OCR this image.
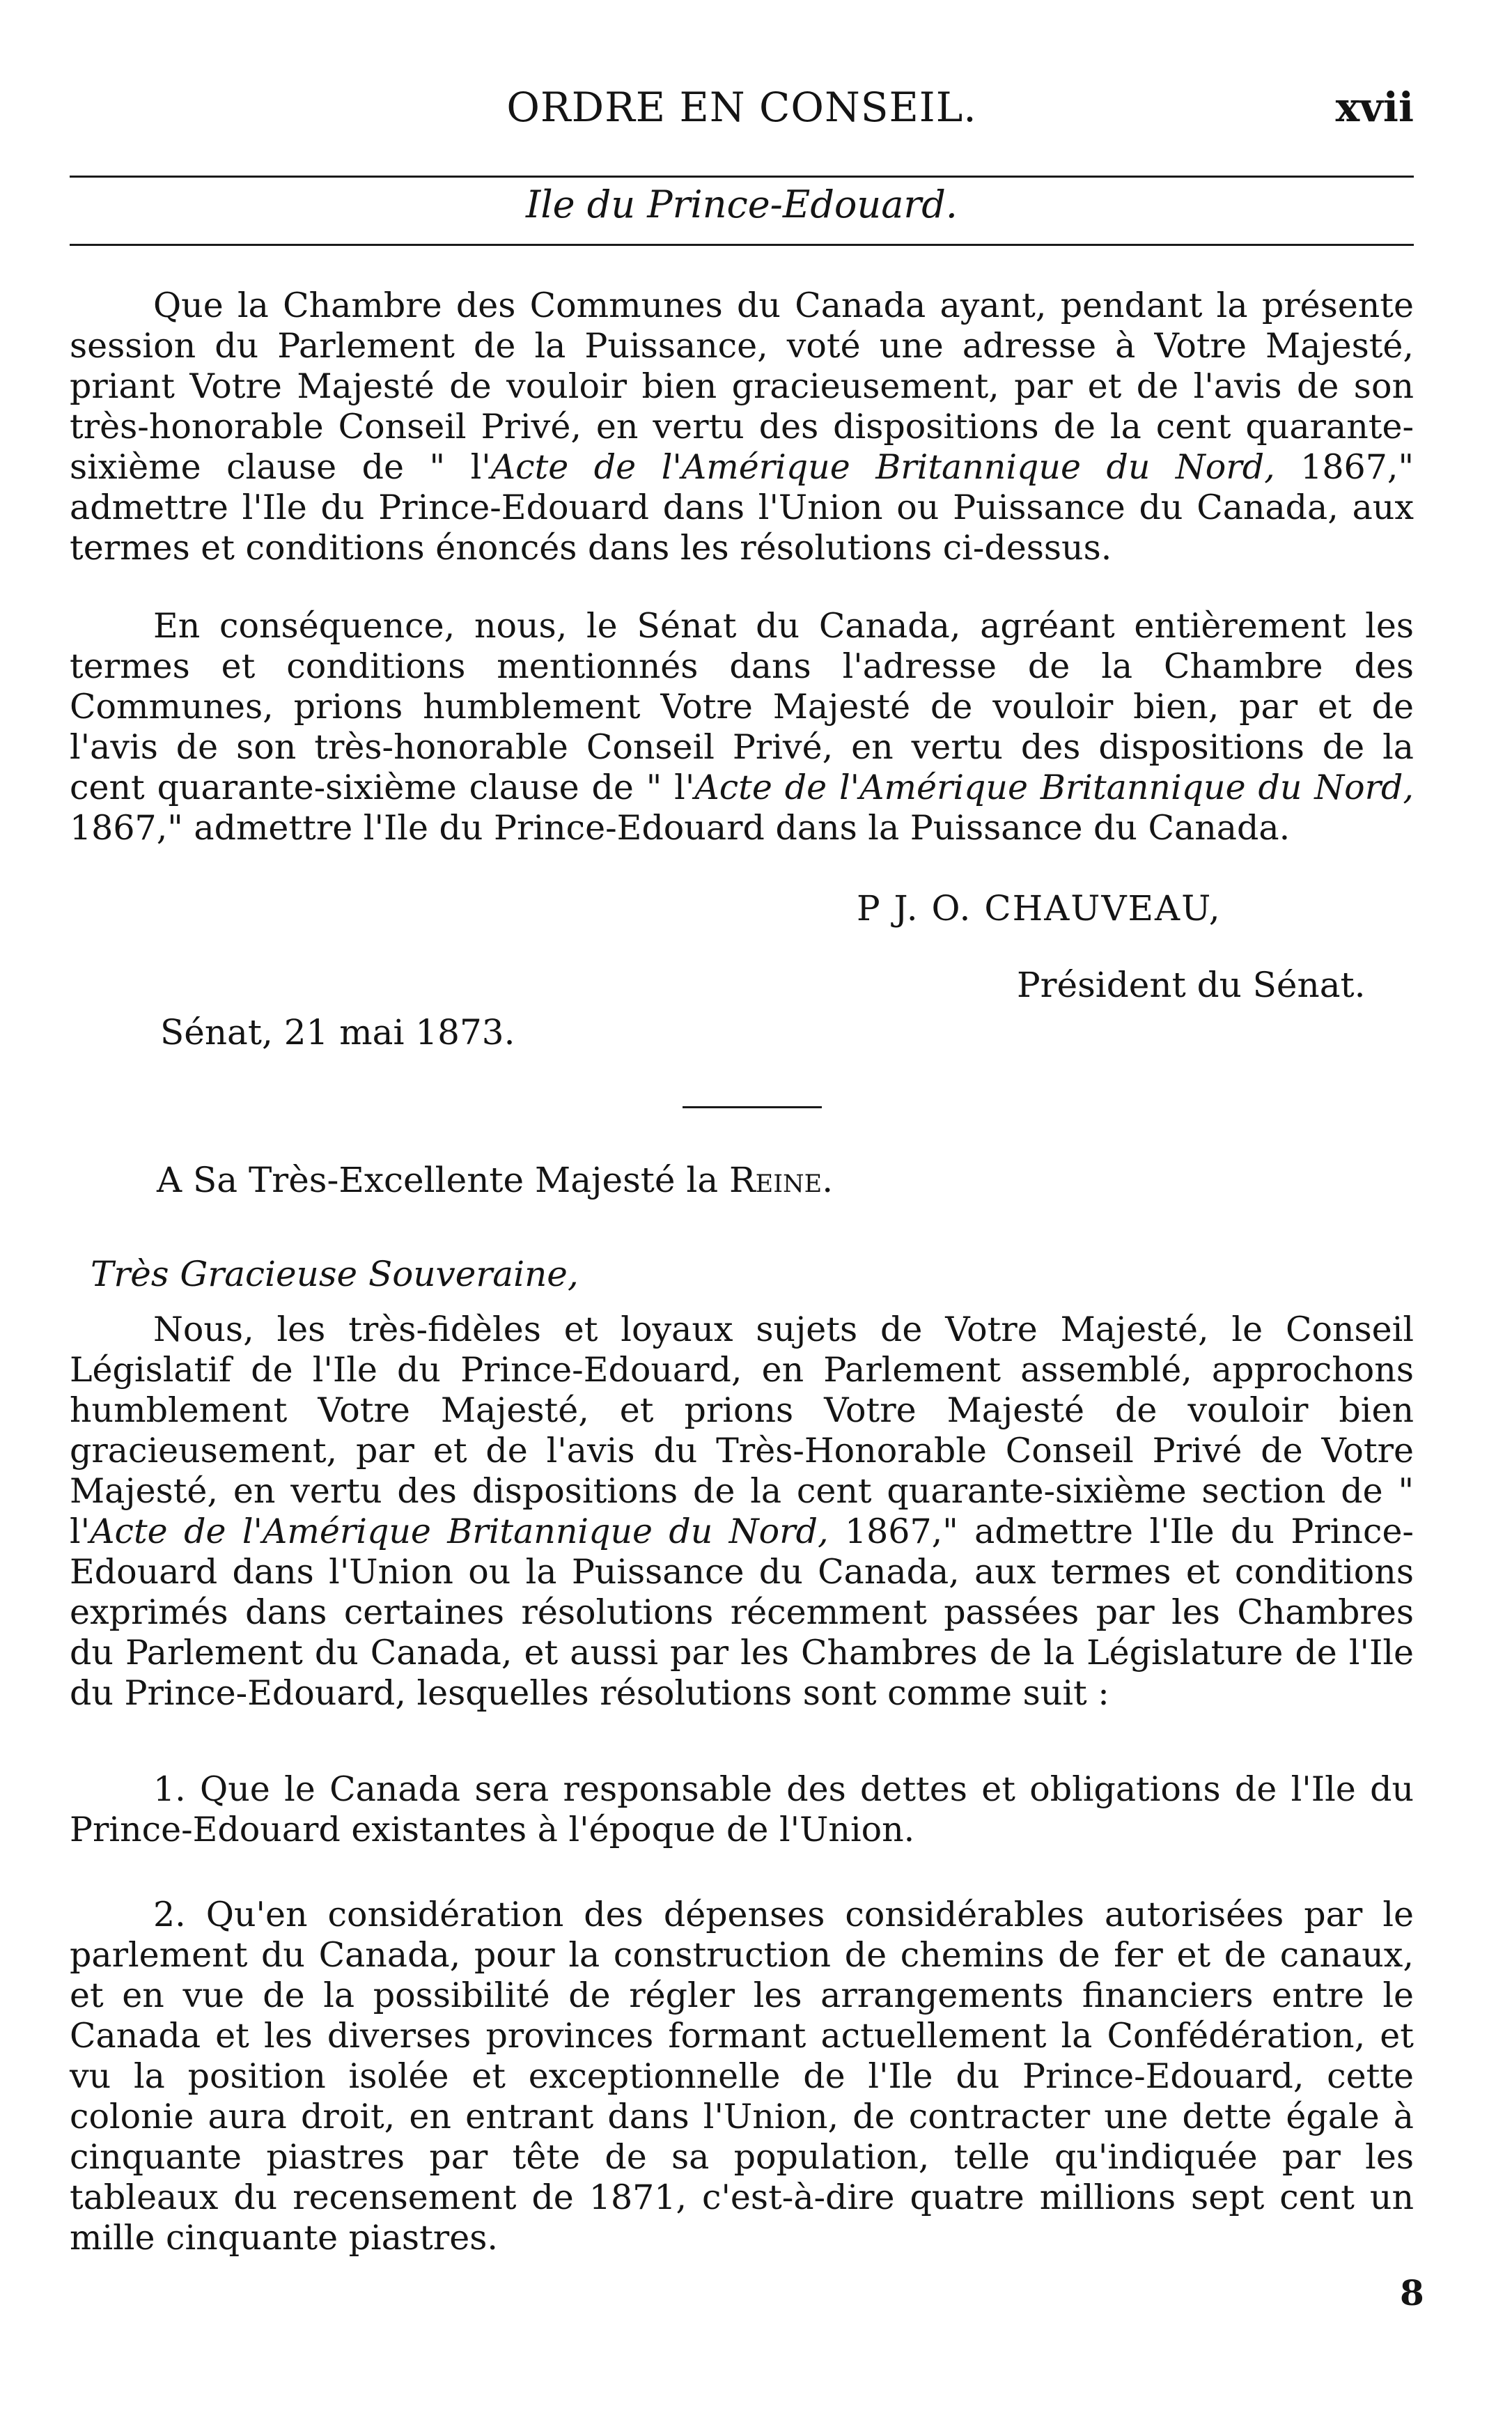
ORDRE EN CONSEIL.	xvii
Ile du Prince-Edouard.

Que la Chambre des Communes du Canada ayant, pendant la présente session du Parlement de la Puissance, voté une adresse à Votre Majesté, priant Votre Majesté de vouloir bien gracieusement, par et de l'avis de son très-honorable Conseil Privé, en vertu des dispositions de la cent quarante-sixième clause de " l'Acte de l'Amérique Britannique du Nord, 1867," admettre l'Ile du Prince-Edouard dans l'Union ou Puissance du Canada, aux termes et conditions énoncés dans les résolutions ci-dessus.

En conséquence, nous, le Sénat du Canada, agréant entièrement les termes et conditions mentionnés dans l'adresse de la Chambre des Communes, prions humblement Votre Majesté de vouloir bien, par et de l'avis de son très-honorable Conseil Privé, en vertu des dispositions de la cent quarante-sixième clause de " l'Acte de l'Amérique Britannique du Nord, 1867," admettre l'Ile du Prince-Edouard dans la Puissance du Canada.

P J. O. CHAUVEAU,
Président du Sénat.
Sénat, 21 mai 1873.
A Sa Très-Excellente Majesté la Reine.
Très Gracieuse Souveraine,

Nous, les très-fidèles et loyaux sujets de Votre Majesté, le Conseil Législatif de l'Ile du Prince-Edouard, en Parlement assemblé, approchons humblement Votre Majesté, et prions Votre Majesté de vouloir bien gracieusement, par et de l'avis du Très-Honorable Conseil Privé de Votre Majesté, en vertu des dispositions de la cent quarante-sixième section de " l'Acte de l'Amérique Britannique du Nord, 1867," admettre l'Ile du Prince-Edouard dans l'Union ou la Puissance du Canada, aux termes et conditions exprimés dans certaines résolutions récemment passées par les Chambres du Parlement du Canada, et aussi par les Chambres de la Législature de l'Ile du Prince-Edouard, lesquelles résolutions sont comme suit :

1. Que le Canada sera responsable des dettes et obligations de l'Ile du Prince-Edouard existantes à l'époque de l'Union.

2. Qu'en considération des dépenses considérables autorisées par le parlement du Canada, pour la construction de chemins de fer et de canaux, et en vue de la possibilité de régler les arrangements financiers entre le Canada et les diverses provinces formant actuellement la Confédération, et vu la position isolée et exceptionnelle de l'Ile du Prince-Edouard, cette colonie aura droit, en entrant dans l'Union, de contracter une dette égale à cinquante piastres par tête de sa population, telle qu'indiquée par les tableaux du recensement de 1871, c'est-à-dire quatre millions sept cent un mille cinquante piastres.

8
